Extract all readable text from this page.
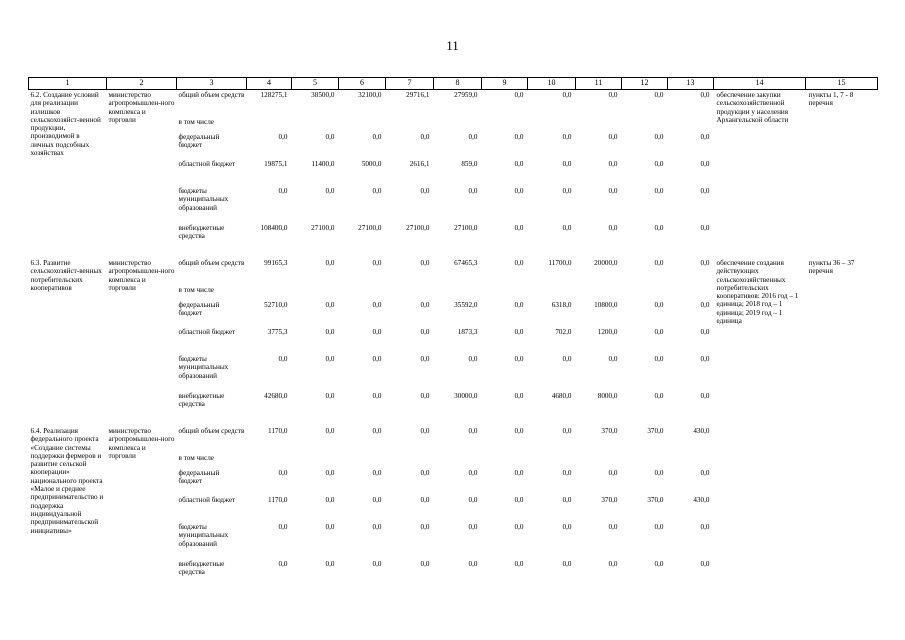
11
1	2	3	4	5	6	7	8	9	10	11	12	13	14	15
6.2. Создание условий для реализации излишков сельскохозяйст-венной продукции, производимой в личных подсобных хозяйствах	министерство агропромышлен-ного комплекса и торговли	общий объем средств	128275,1	38500,0	32100,0	29716,1	27959,0	0,0	0,0	0,0	0,0	0,0	обеспечение закупки сельскохозяйственной продукции у населения Архангельской области	пункты 1, 7 - 8 перечня
		в том числе												
		федеральный бюджет	0,0	0,0	0,0	0,0	0,0	0,0	0,0	0,0	0,0	0,0		
		областной бюджет	19875,1	11400,0	5000,0	2616,1	859,0	0,0	0,0	0,0	0,0	0,0		
		бюджеты муниципальных образований	0,0	0,0	0,0	0,0	0,0	0,0	0,0	0,0	0,0	0,0		
		внебюджетные средства	108400,0	27100,0	27100,0	27100,0	27100,0	0,0	0,0	0,0	0,0	0,0		

6.3. Развитие сельскохозяйст-венных потребительских кооперативов	министерство агропромышлен-ного комплекса и торговли	общий объем средств	99165,3	0,0	0,0	0,0	67465,3	0,0	11700,0	20000,0	0,0	0,0	обеспечение создания действующих сельскохозяйственных потребительских кооперативов: 2016 год – 1 единица; 2018 год – 1 единица; 2019 год – 1 единица	пункты 36 – 37 перечня
		в том числе												
		федеральный бюджет	52710,0	0,0	0,0	0,0	35592,0	0,0	6318,0	10800,0	0,0	0,0		
		областной бюджет	3775,3	0,0	0,0	0,0	1873,3	0,0	702,0	1200,0	0,0	0,0		
		бюджеты муниципальных образований	0,0	0,0	0,0	0,0	0,0	0,0	0,0	0,0	0,0	0,0		
		внебюджетные средства	42680,0	0,0	0,0	0,0	30000,0	0,0	4680,0	8000,0	0,0	0,0		

6.4. Реализация федерального проекта «Создание системы поддержки фермеров и развитие сельской кооперации» национального проекта «Малое и среднее предпринимательство и поддержка индивидуальной предпринимательской инициативы»	министерство агропромышлен-ного комплекса и торговли	общий объем средств	1170,0	0,0	0,0	0,0	0,0	0,0	0,0	370,0	370,0	430,0		
		в том числе												
		федеральный бюджет	0,0	0,0	0,0	0,0	0,0	0,0	0,0	0,0	0,0	0,0		
		областной бюджет	1170,0	0,0	0,0	0,0	0,0	0,0	0,0	370,0	370,0	430,0		
		бюджеты муниципальных образований	0,0	0,0	0,0	0,0	0,0	0,0	0,0	0,0	0,0	0,0		
		внебюджетные средства	0,0	0,0	0,0	0,0	0,0	0,0	0,0	0,0	0,0	0,0		
